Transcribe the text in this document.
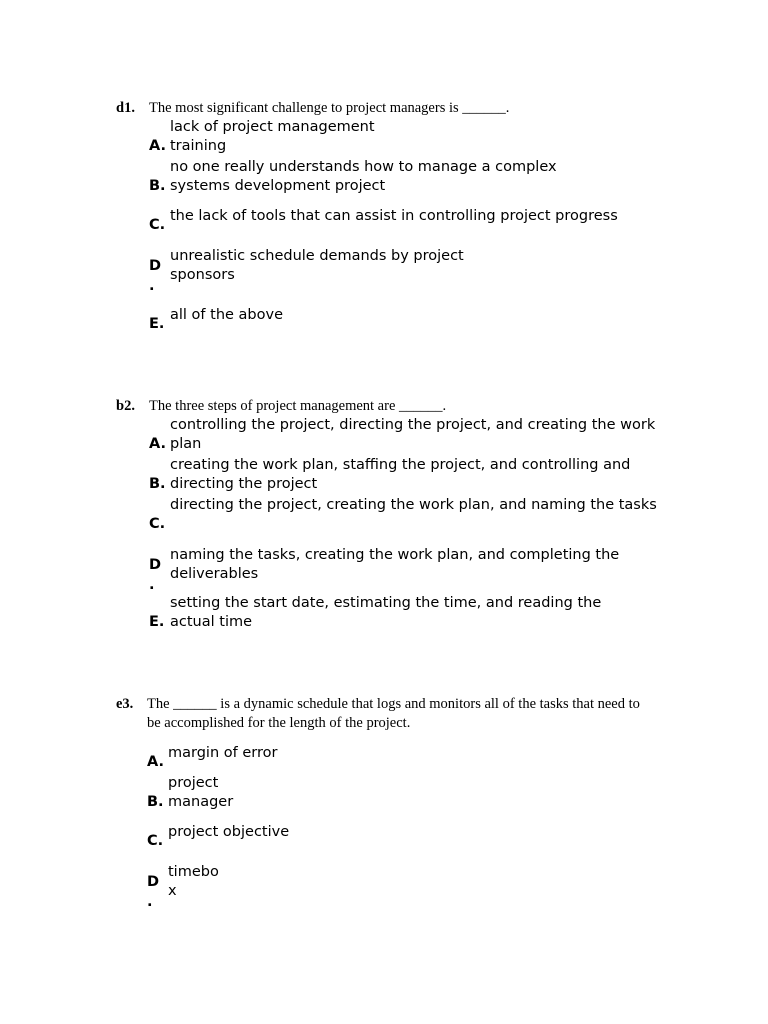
d1. The most significant challenge to project managers is ______.
A.
lack of project management training
B.
no one really understands how to manage a complex systems development project
C.
the lack of tools that can assist in controlling project progress
D
.
unrealistic schedule demands by project sponsors
E.
all of the above
b2. The three steps of project management are ______.
A.
controlling the project, directing the project, and creating the work plan
B.
creating the work plan, staffing the project, and controlling and directing the project
C.
directing the project, creating the work plan, and naming the tasks
D
.
naming the tasks, creating the work plan, and completing the deliverables
E.
setting the start date, estimating the time, and reading the actual time
e3. The ______ is a dynamic schedule that logs and monitors all of the tasks that need to be accomplished for the length of the project.
A.
margin of error
B.
project manager
C.
project objective
D
.
timebox
